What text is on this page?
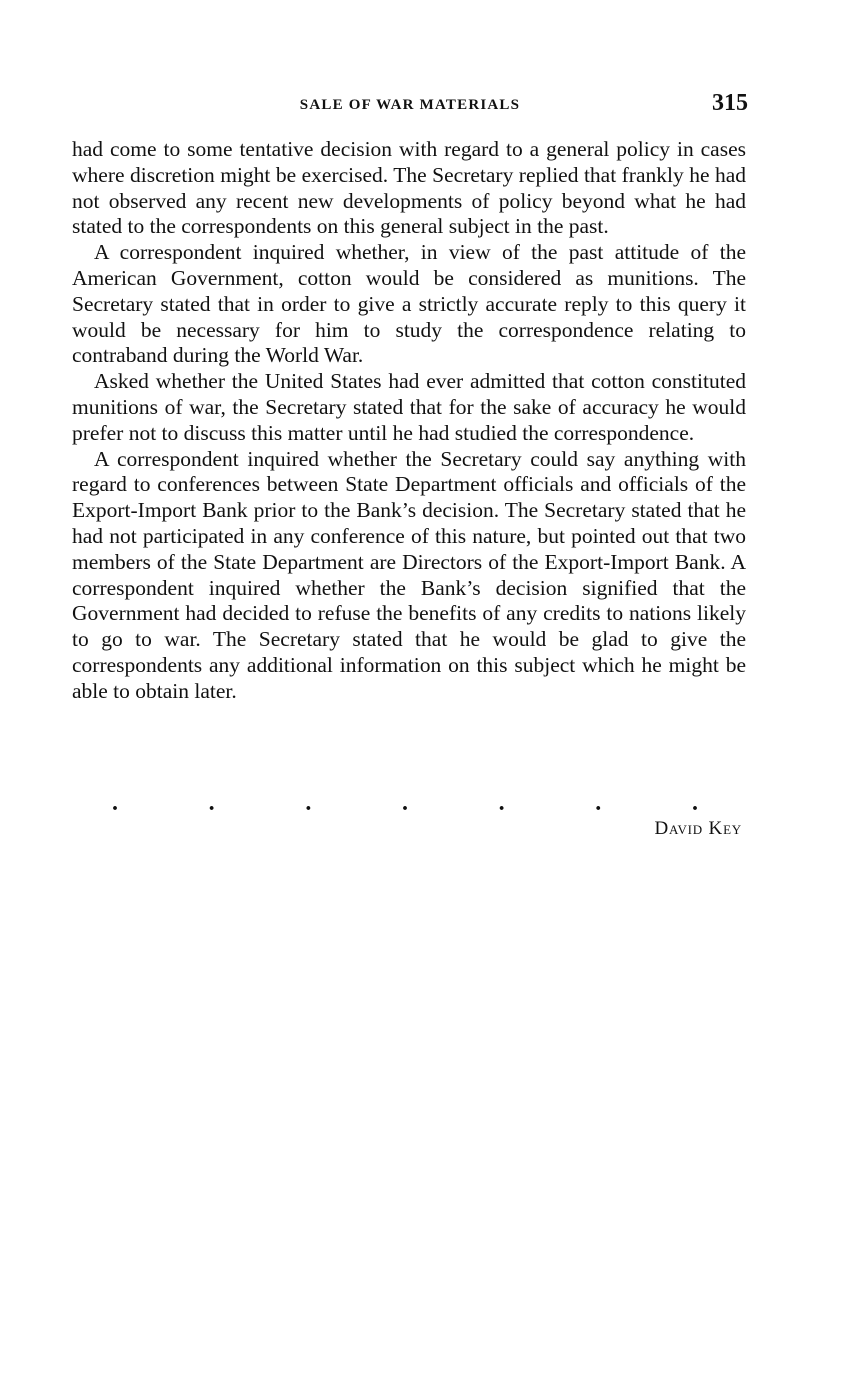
SALE OF WAR MATERIALS	315

had come to some tentative decision with regard to a general policy in cases where discretion might be exercised. The Secretary replied that frankly he had not observed any recent new developments of policy beyond what he had stated to the correspondents on this general subject in the past.

A correspondent inquired whether, in view of the past attitude of the American Government, cotton would be considered as munitions. The Secretary stated that in order to give a strictly accurate reply to this query it would be necessary for him to study the correspondence relating to contraband during the World War.

Asked whether the United States had ever admitted that cotton constituted munitions of war, the Secretary stated that for the sake of accuracy he would prefer not to discuss this matter until he had studied the correspondence.

A correspondent inquired whether the Secretary could say anything with regard to conferences between State Department officials and officials of the Export-Import Bank prior to the Bank’s decision. The Secretary stated that he had not participated in any conference of this nature, but pointed out that two members of the State Department are Directors of the Export-Import Bank. A correspondent inquired whether the Bank’s decision signified that the Government had decided to refuse the benefits of any credits to nations likely to go to war. The Secretary stated that he would be glad to give the correspondents any additional information on this subject which he might be able to obtain later.

.	.	.	.	.	.	.
David Key
